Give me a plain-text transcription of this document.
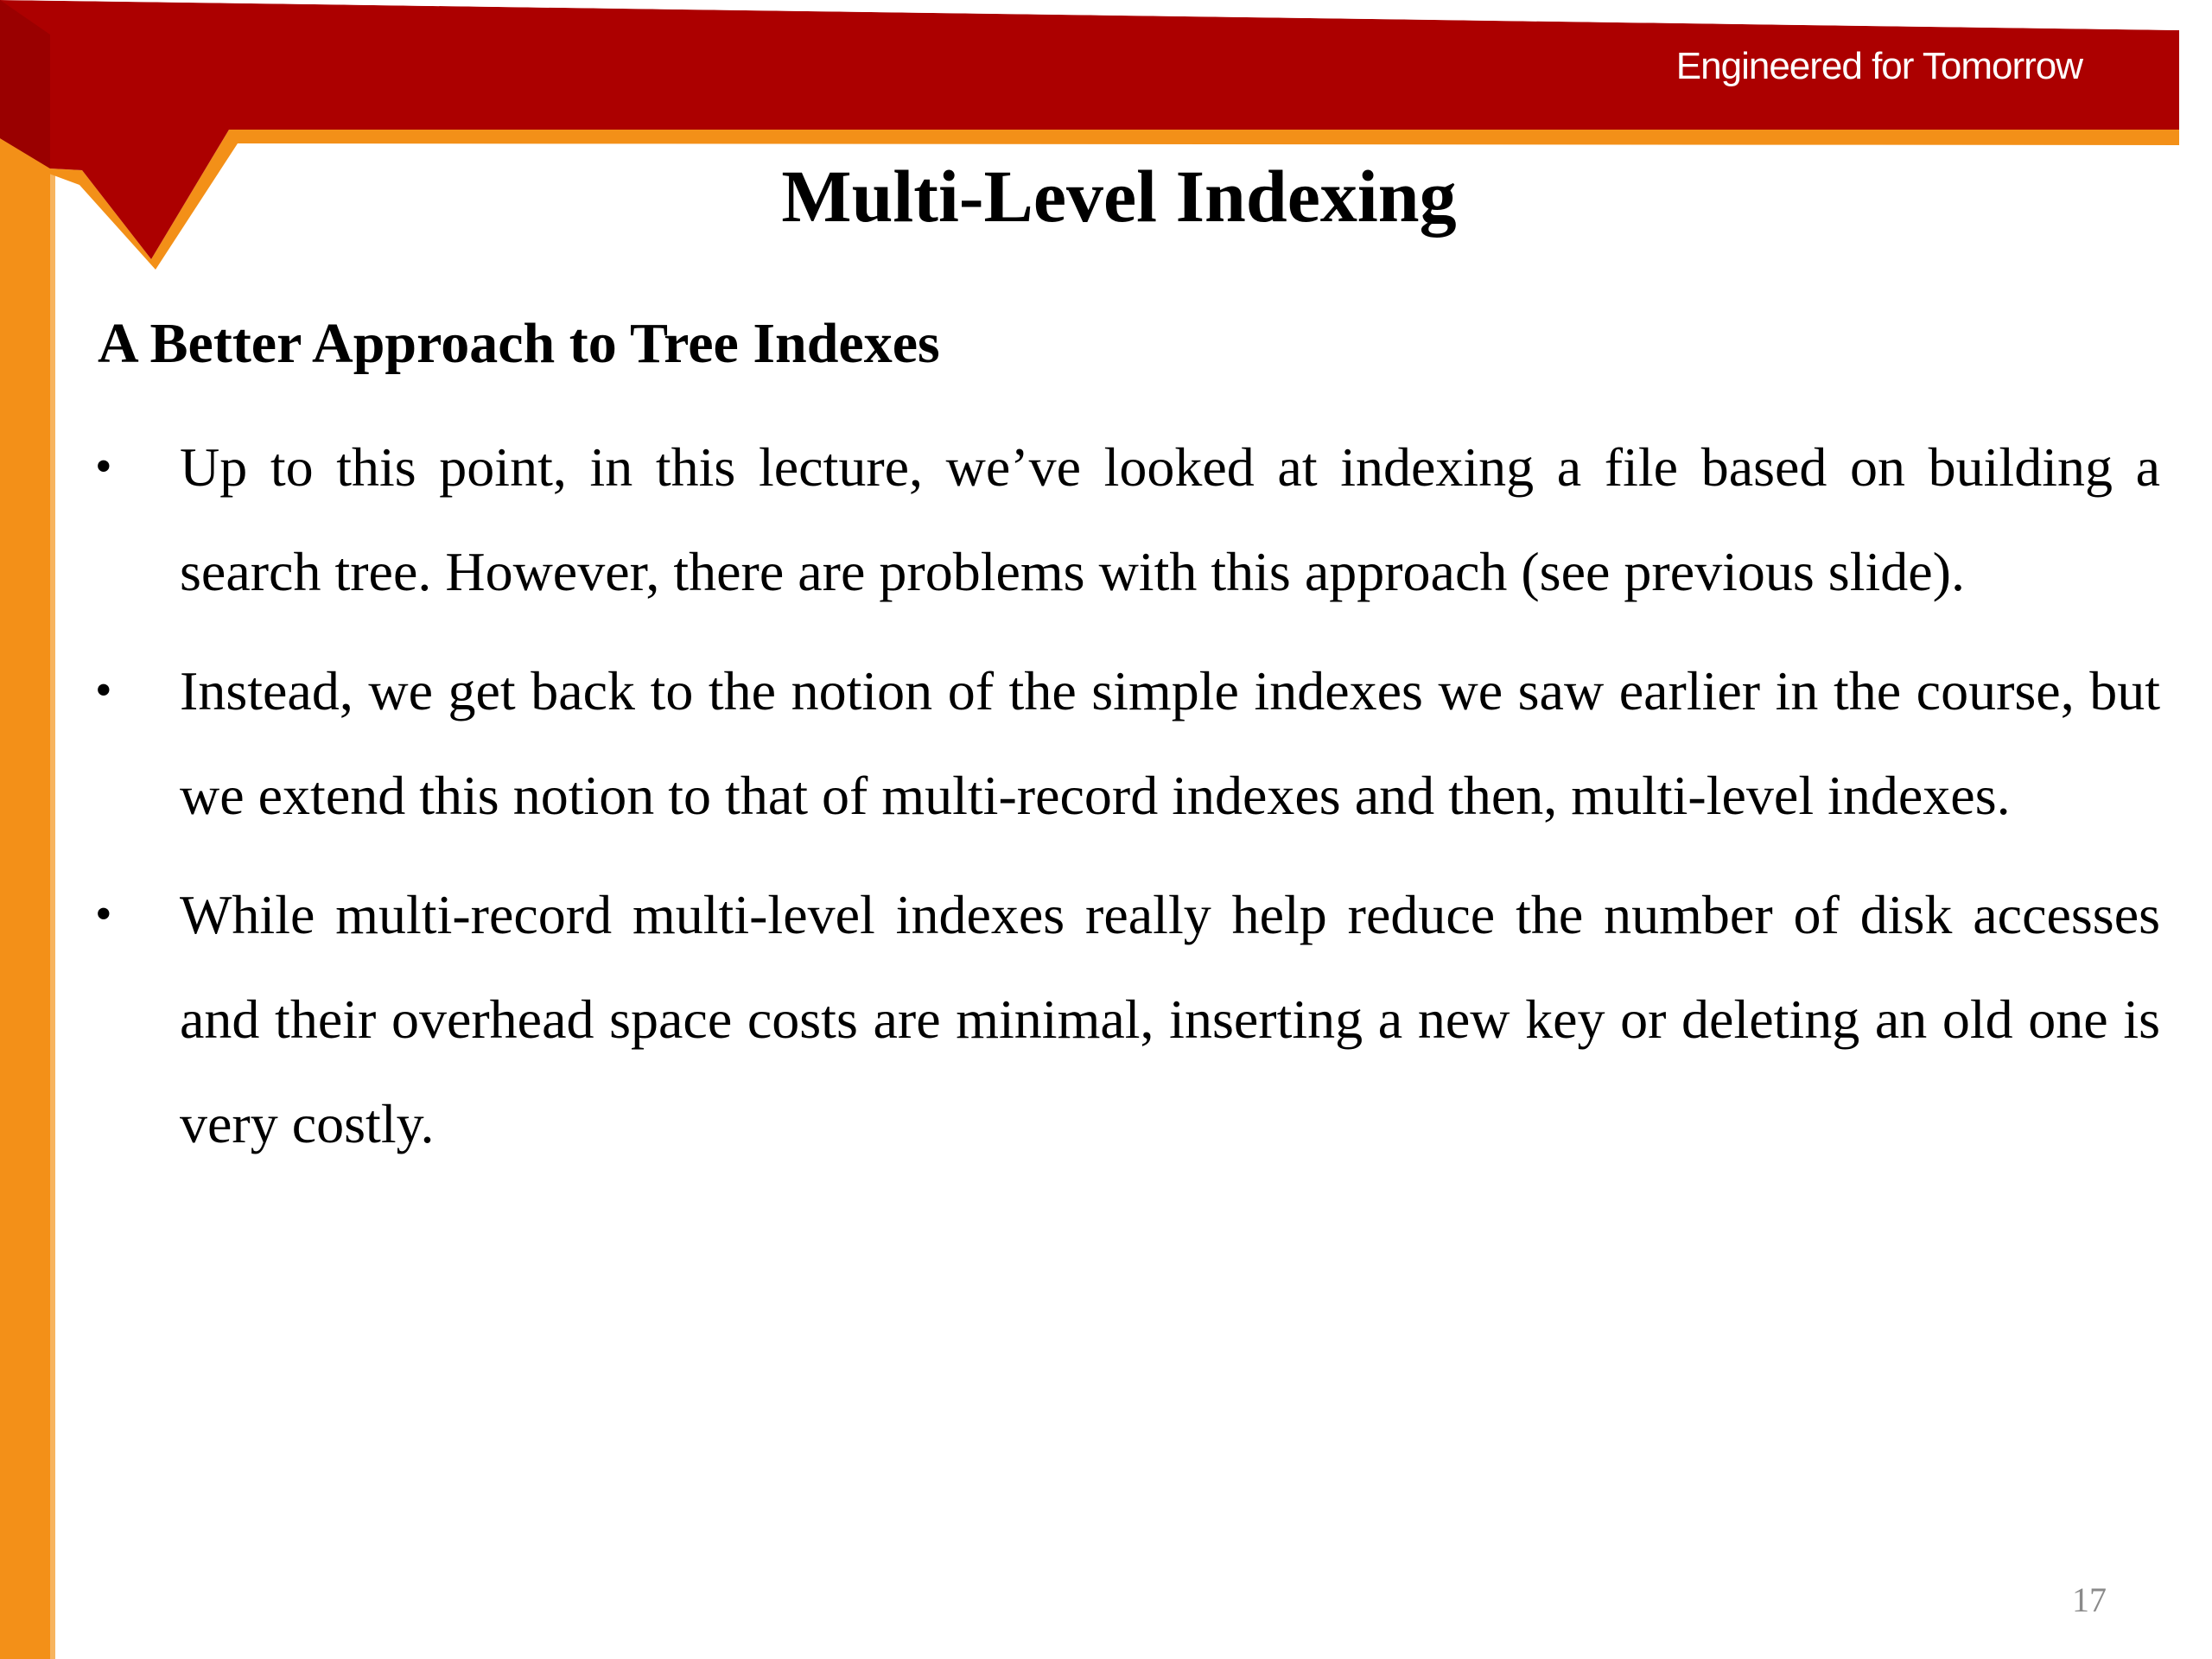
Engineered for Tomorrow
Multi-Level Indexing
A Better Approach to Tree Indexes
• Up to this point, in this lecture, we’ve looked at indexing a file based on building a search tree. However, there are problems with this approach (see previous slide).
• Instead, we get back to the notion of the simple indexes we saw earlier in the course, but we extend this notion to that of multi-record indexes and then, multi-level indexes.
• While multi-record multi-level indexes really help reduce the number of disk accesses and their overhead space costs are minimal, inserting a new key or deleting an old one is very costly.
17
